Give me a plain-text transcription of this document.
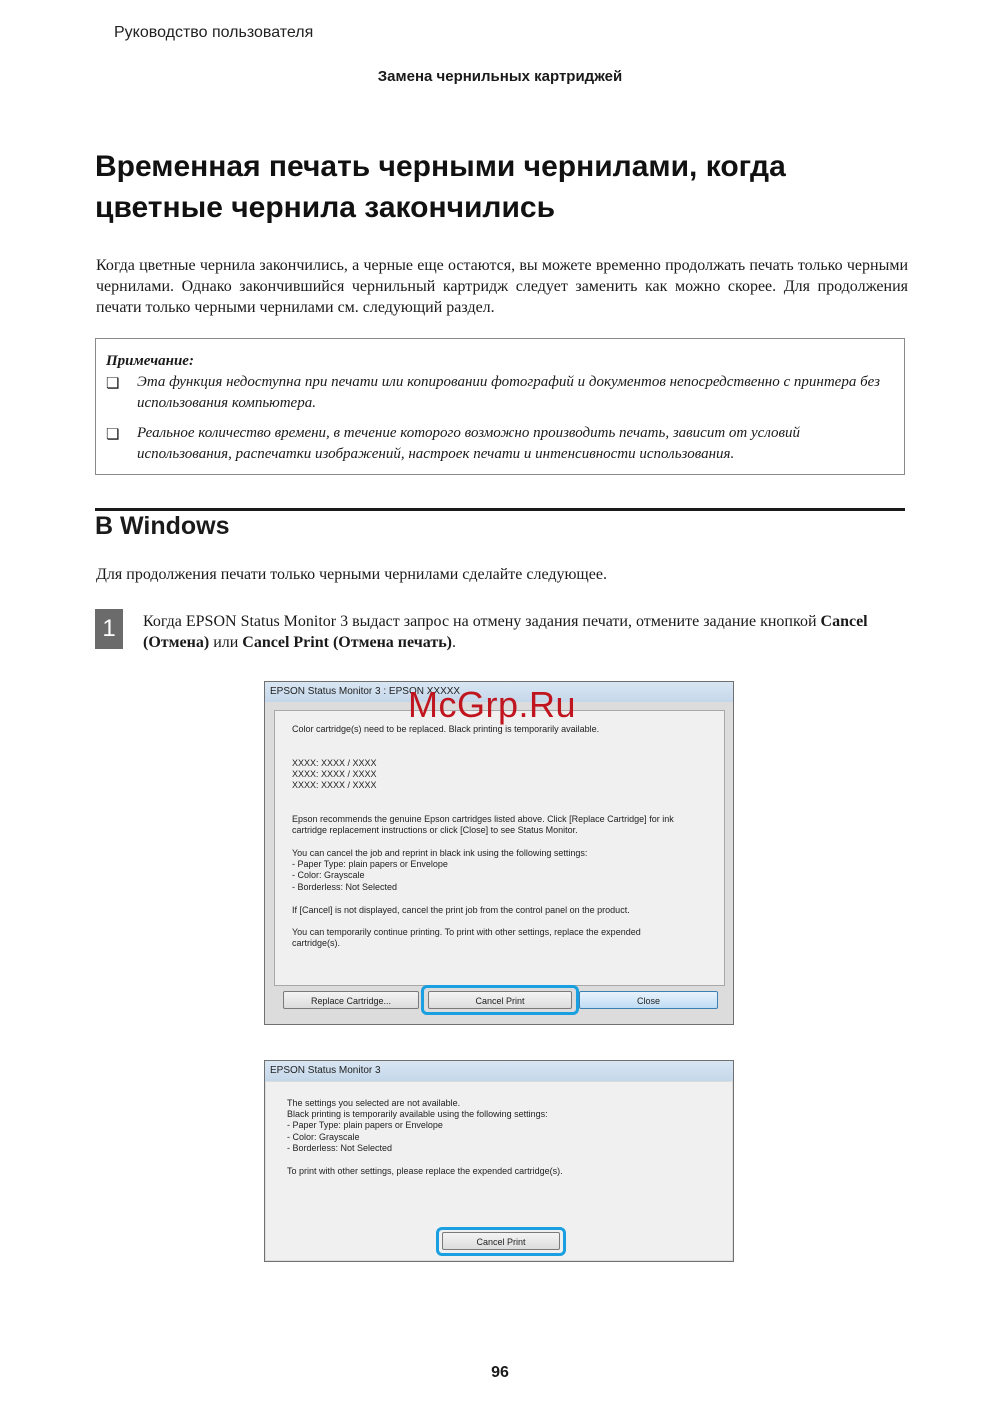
Руководство пользователя
Замена чернильных картриджей
Временная печать черными чернилами, когда
цветные чернила закончились
Когда цветные чернила закончились, а черные еще остаются, вы можете временно продолжать печать только черными чернилами. Однако закончившийся чернильный картридж следует заменить как можно скорее. Для продолжения печати только черными чернилами см. следующий раздел.
Примечание:
❏ Эта функция недоступна при печати или копировании фотографий и документов непосредственно с принтера без использования компьютера.
❏ Реальное количество времени, в течение которого возможно производить печать, зависит от условий использования, распечатки изображений, настроек печати и интенсивности использования.
В Windows
Для продолжения печати только черными чернилами сделайте следующее.
1	Когда EPSON Status Monitor 3 выдаст запрос на отмену задания печати, отмените задание кнопкой Cancel (Отмена) или Cancel Print (Отмена печать).
EPSON Status Monitor 3 : EPSON XXXXX
Color cartridge(s) need to be replaced. Black printing is temporarily available.
XXXX: XXXX / XXXX
XXXX: XXXX / XXXX
XXXX: XXXX / XXXX
Epson recommends the genuine Epson cartridges listed above. Click [Replace Cartridge] for ink
cartridge replacement instructions or click [Close] to see Status Monitor.
You can cancel the job and reprint in black ink using the following settings:
- Paper Type: plain papers or Envelope
- Color: Grayscale
- Borderless: Not Selected
If [Cancel] is not displayed, cancel the print job from the control panel on the product.
You can temporarily continue printing. To print with other settings, replace the expended
cartridge(s).
Replace Cartridge...	Cancel Print	Close
McGrp.Ru
EPSON Status Monitor 3
The settings you selected are not available.
Black printing is temporarily available using the following settings:
- Paper Type: plain papers or Envelope
- Color: Grayscale
- Borderless: Not Selected
To print with other settings, please replace the expended cartridge(s).
Cancel Print
96
